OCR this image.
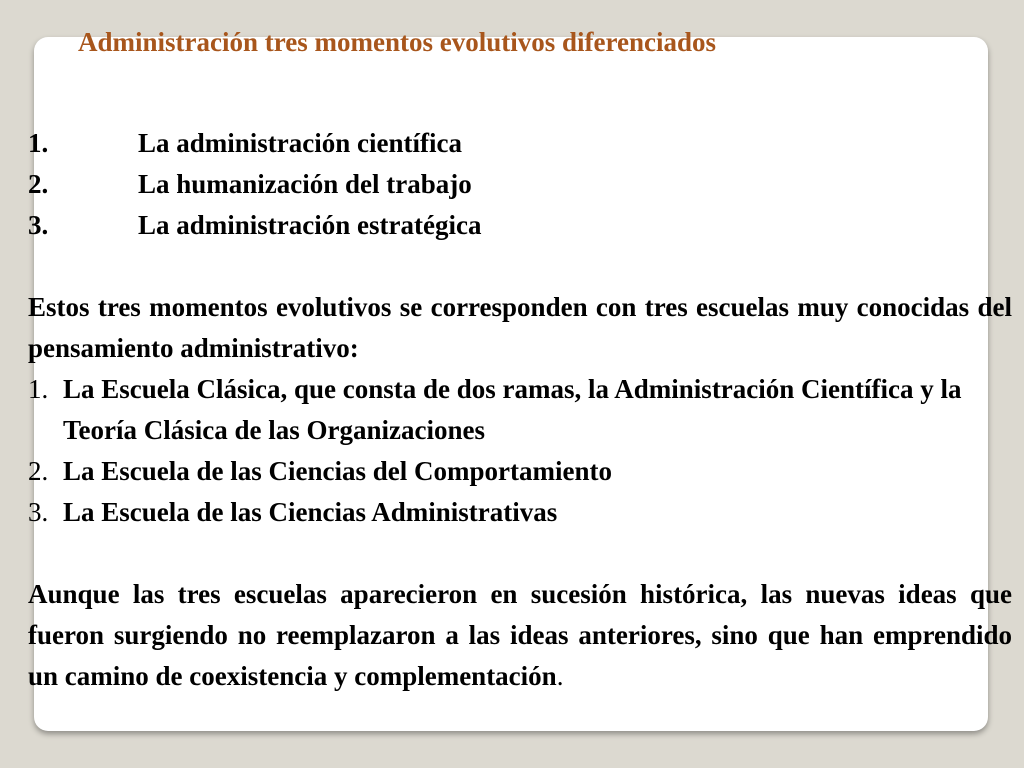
Administración tres momentos evolutivos diferenciados
1.	La administración científica
2.	La humanización del trabajo
3.	La administración estratégica
Estos tres momentos evolutivos se corresponden con tres escuelas muy conocidas del pensamiento administrativo:
1. La Escuela Clásica, que consta de dos ramas, la Administración Científica y la Teoría Clásica de las Organizaciones
2. La Escuela de las Ciencias del Comportamiento
3. La Escuela de las Ciencias Administrativas
Aunque las tres escuelas aparecieron en sucesión histórica, las nuevas ideas que fueron surgiendo no reemplazaron a las ideas anteriores, sino que han emprendido un camino de coexistencia y complementación.
